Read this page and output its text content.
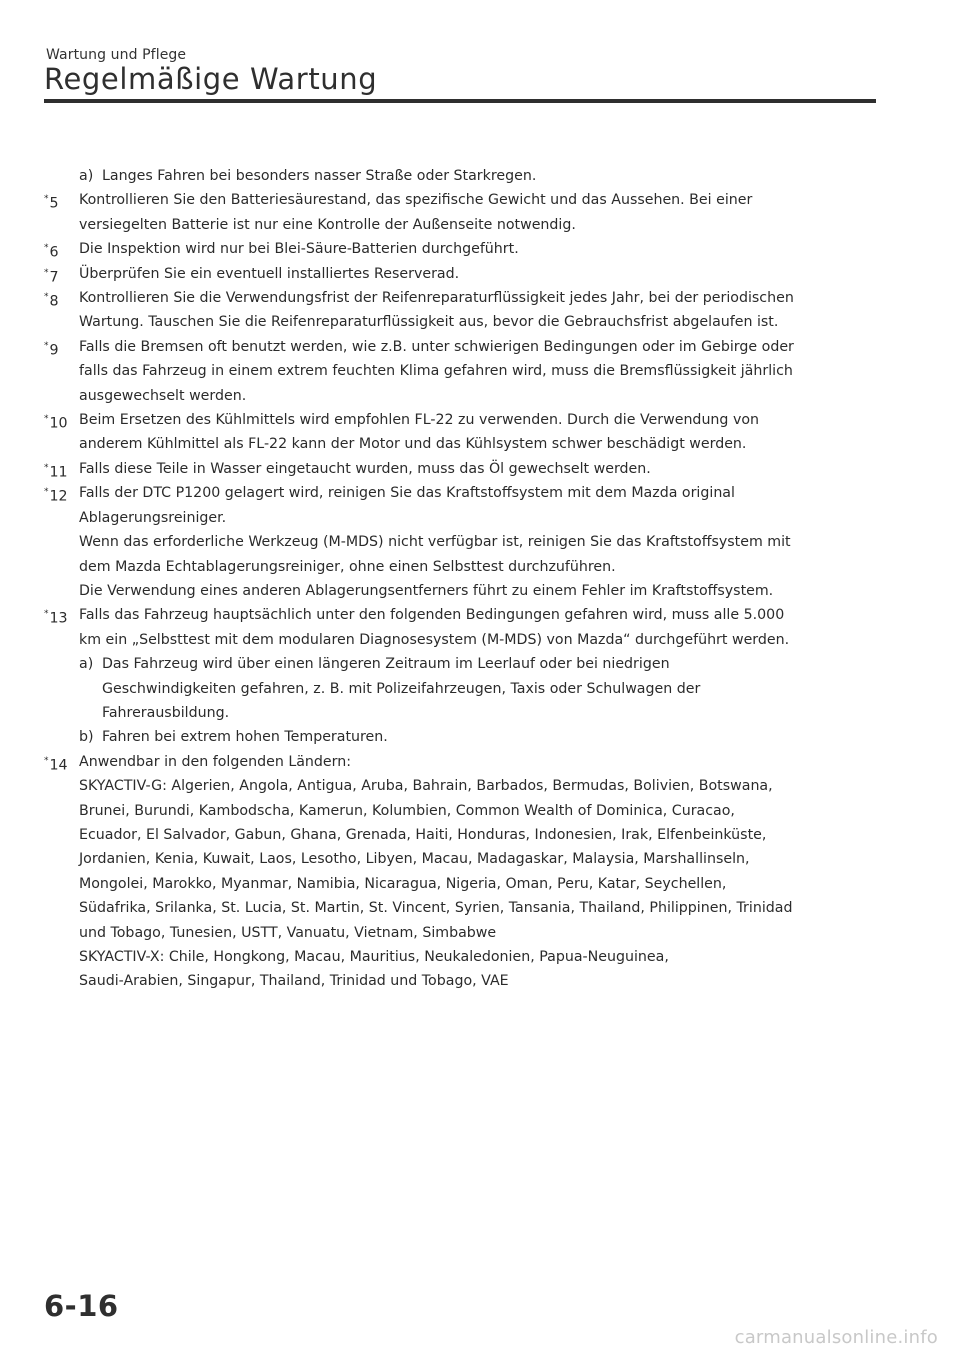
Wartung und Pflege
Regelmäßige Wartung
a) Langes Fahren bei besonders nasser Straße oder Starkregen.
*5 Kontrollieren Sie den Batteriesäurestand, das spezifische Gewicht und das Aussehen. Bei einer
versiegelten Batterie ist nur eine Kontrolle der Außenseite notwendig.
*6 Die Inspektion wird nur bei Blei-Säure-Batterien durchgeführt.
*7 Überprüfen Sie ein eventuell installiertes Reserverad.
*8 Kontrollieren Sie die Verwendungsfrist der Reifenreparaturflüssigkeit jedes Jahr, bei der periodischen
Wartung. Tauschen Sie die Reifenreparaturflüssigkeit aus, bevor die Gebrauchsfrist abgelaufen ist.
*9 Falls die Bremsen oft benutzt werden, wie z.B. unter schwierigen Bedingungen oder im Gebirge oder
falls das Fahrzeug in einem extrem feuchten Klima gefahren wird, muss die Bremsflüssigkeit jährlich
ausgewechselt werden.
*10 Beim Ersetzen des Kühlmittels wird empfohlen FL-22 zu verwenden. Durch die Verwendung von
anderem Kühlmittel als FL-22 kann der Motor und das Kühlsystem schwer beschädigt werden.
*11 Falls diese Teile in Wasser eingetaucht wurden, muss das Öl gewechselt werden.
*12 Falls der DTC P1200 gelagert wird, reinigen Sie das Kraftstoffsystem mit dem Mazda original
Ablagerungsreiniger.
Wenn das erforderliche Werkzeug (M-MDS) nicht verfügbar ist, reinigen Sie das Kraftstoffsystem mit
dem Mazda Echtablagerungsreiniger, ohne einen Selbsttest durchzuführen.
Die Verwendung eines anderen Ablagerungsentferners führt zu einem Fehler im Kraftstoffsystem.
*13 Falls das Fahrzeug hauptsächlich unter den folgenden Bedingungen gefahren wird, muss alle 5.000
km ein „Selbsttest mit dem modularen Diagnosesystem (M-MDS) von Mazda“ durchgeführt werden.
a) Das Fahrzeug wird über einen längeren Zeitraum im Leerlauf oder bei niedrigen
Geschwindigkeiten gefahren, z. B. mit Polizeifahrzeugen, Taxis oder Schulwagen der
Fahrerausbildung.
b) Fahren bei extrem hohen Temperaturen.
*14 Anwendbar in den folgenden Ländern:
SKYACTIV-G: Algerien, Angola, Antigua, Aruba, Bahrain, Barbados, Bermudas, Bolivien, Botswana,
Brunei, Burundi, Kambodscha, Kamerun, Kolumbien, Common Wealth of Dominica, Curacao,
Ecuador, El Salvador, Gabun, Ghana, Grenada, Haiti, Honduras, Indonesien, Irak, Elfenbeinküste,
Jordanien, Kenia, Kuwait, Laos, Lesotho, Libyen, Macau, Madagaskar, Malaysia, Marshallinseln,
Mongolei, Marokko, Myanmar, Namibia, Nicaragua, Nigeria, Oman, Peru, Katar, Seychellen,
Südafrika, Srilanka, St. Lucia, St. Martin, St. Vincent, Syrien, Tansania, Thailand, Philippinen, Trinidad
und Tobago, Tunesien, USTT, Vanuatu, Vietnam, Simbabwe
SKYACTIV-X: Chile, Hongkong, Macau, Mauritius, Neukaledonien, Papua-Neuguinea,
Saudi-Arabien, Singapur, Thailand, Trinidad und Tobago, VAE
6-16
carmanualsonline.info
